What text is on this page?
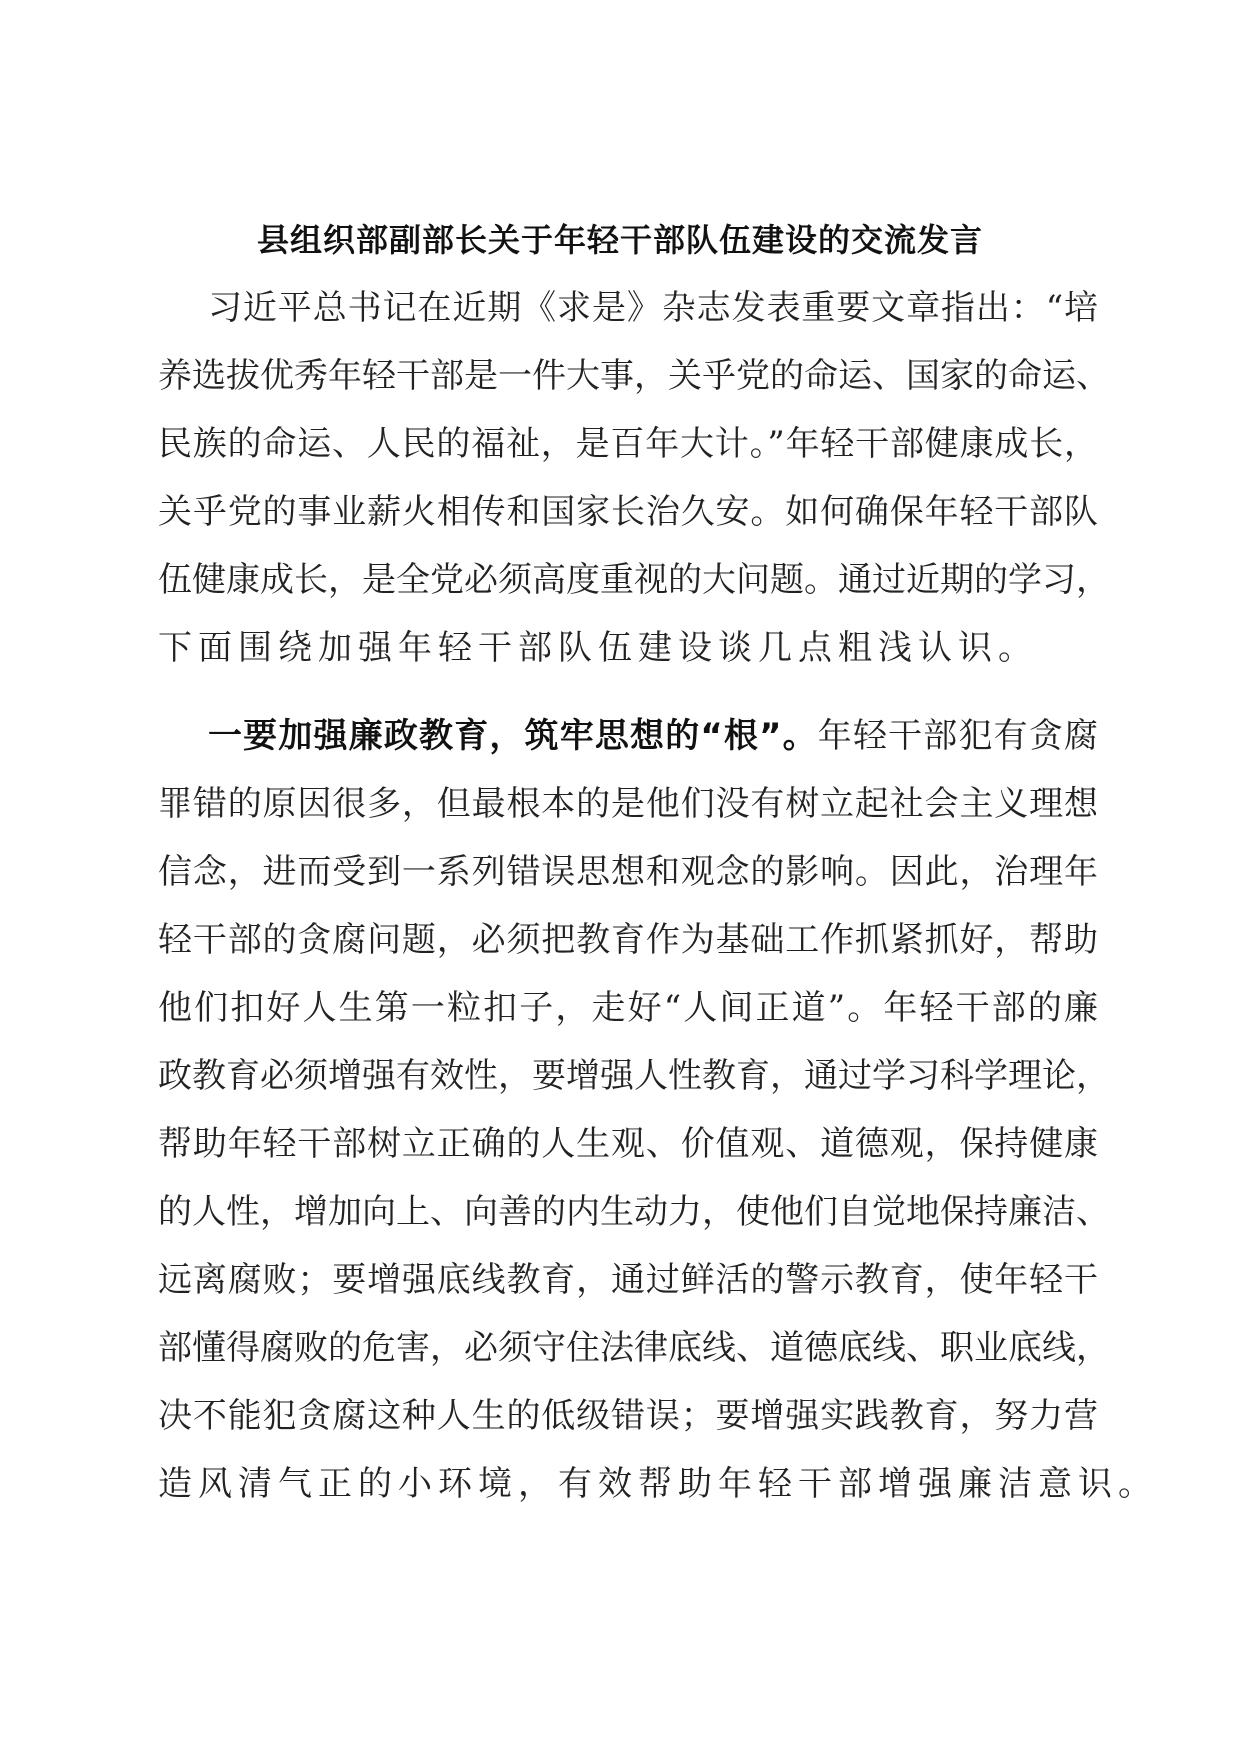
县组织部副部长关于年轻干部队伍建设的交流发言
习近平总书记在近期《求是》杂志发表重要文章指出：“培
养选拔优秀年轻干部是一件大事，关乎党的命运、国家的命运、
民族的命运、人民的福祉，是百年大计。”年轻干部健康成长，
关乎党的事业薪火相传和国家长治久安。如何确保年轻干部队
伍健康成长，是全党必须高度重视的大问题。通过近期的学习，
下面围绕加强年轻干部队伍建设谈几点粗浅认识。
一要加强廉政教育，筑牢思想的“根”。年轻干部犯有贪腐
罪错的原因很多，但最根本的是他们没有树立起社会主义理想
信念，进而受到一系列错误思想和观念的影响。因此，治理年
轻干部的贪腐问题，必须把教育作为基础工作抓紧抓好，帮助
他们扣好人生第一粒扣子，走好“人间正道”。年轻干部的廉
政教育必须增强有效性，要增强人性教育，通过学习科学理论，
帮助年轻干部树立正确的人生观、价值观、道德观，保持健康
的人性，增加向上、向善的内生动力，使他们自觉地保持廉洁、
远离腐败；要增强底线教育，通过鲜活的警示教育，使年轻干
部懂得腐败的危害，必须守住法律底线、道德底线、职业底线，
决不能犯贪腐这种人生的低级错误；要增强实践教育，努力营
造风清气正的小环境，有效帮助年轻干部增强廉洁意识。
